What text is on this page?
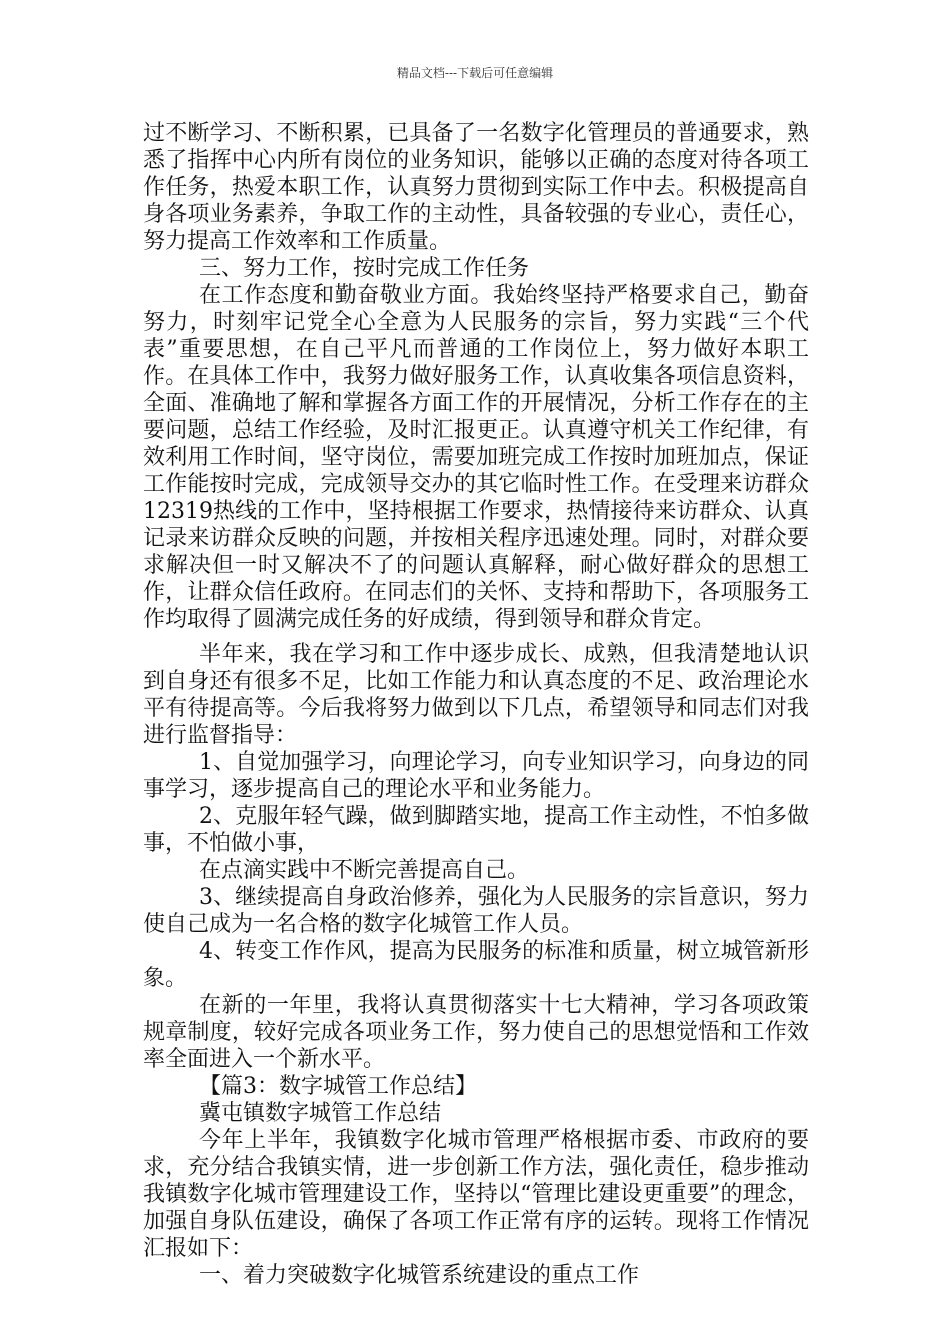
精品文档---下载后可任意编辑

过不断学习、不断积累，已具备了一名数字化管理员的普通要求，熟悉了指挥中心内所有岗位的业务知识，能够以正确的态度对待各项工作任务，热爱本职工作，认真努力贯彻到实际工作中去。积极提高自身各项业务素养，争取工作的主动性，具备较强的专业心，责任心，努力提高工作效率和工作质量。

三、努力工作，按时完成工作任务

在工作态度和勤奋敬业方面。我始终坚持严格要求自己，勤奋努力，时刻牢记党全心全意为人民服务的宗旨，努力实践“三个代表”重要思想，在自己平凡而普通的工作岗位上，努力做好本职工作。在具体工作中，我努力做好服务工作，认真收集各项信息资料，全面、准确地了解和掌握各方面工作的开展情况，分析工作存在的主要问题，总结工作经验，及时汇报更正。认真遵守机关工作纪律，有效利用工作时间，坚守岗位，需要加班完成工作按时加班加点，保证工作能按时完成，完成领导交办的其它临时性工作。在受理来访群众12319热线的工作中，坚持根据工作要求，热情接待来访群众、认真记录来访群众反映的问题，并按相关程序迅速处理。同时，对群众要求解决但一时又解决不了的问题认真解释，耐心做好群众的思想工作，让群众信任政府。在同志们的关怀、支持和帮助下，各项服务工作均取得了圆满完成任务的好成绩，得到领导和群众肯定。

半年来，我在学习和工作中逐步成长、成熟，但我清楚地认识到自身还有很多不足，比如工作能力和认真态度的不足、政治理论水平有待提高等。今后我将努力做到以下几点，希望领导和同志们对我进行监督指导：

1、自觉加强学习，向理论学习，向专业知识学习，向身边的同事学习，逐步提高自己的理论水平和业务能力。

2、克服年轻气躁，做到脚踏实地，提高工作主动性，不怕多做事，不怕做小事，

在点滴实践中不断完善提高自己。

3、继续提高自身政治修养，强化为人民服务的宗旨意识，努力使自己成为一名合格的数字化城管工作人员。

4、转变工作作风，提高为民服务的标准和质量，树立城管新形象。

在新的一年里，我将认真贯彻落实十七大精神，学习各项政策规章制度，较好完成各项业务工作，努力使自己的思想觉悟和工作效率全面进入一个新水平。

【篇3：数字城管工作总结】

冀屯镇数字城管工作总结

今年上半年，我镇数字化城市管理严格根据市委、市政府的要求，充分结合我镇实情，进一步创新工作方法，强化责任，稳步推动我镇数字化城市管理建设工作，坚持以“管理比建设更重要”的理念，加强自身队伍建设，确保了各项工作正常有序的运转。现将工作情况汇报如下：

一、着力突破数字化城管系统建设的重点工作
